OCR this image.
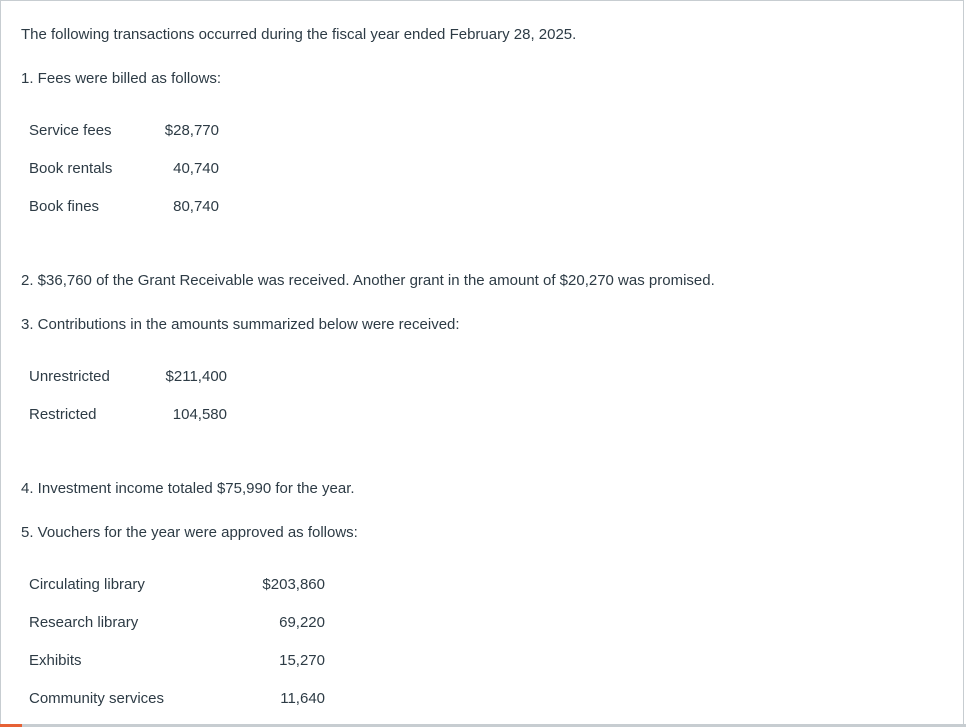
The following transactions occurred during the fiscal year ended February 28, 2025.

1. Fees were billed as follows:

Service fees	$28,770
Book rentals	40,740
Book fines	80,740

2. $36,760 of the Grant Receivable was received. Another grant in the amount of $20,270 was promised.

3. Contributions in the amounts summarized below were received:

Unrestricted	$211,400
Restricted	104,580

4. Investment income totaled $75,990 for the year.

5. Vouchers for the year were approved as follows:

Circulating library	$203,860
Research library	69,220
Exhibits	15,270
Community services	11,640
